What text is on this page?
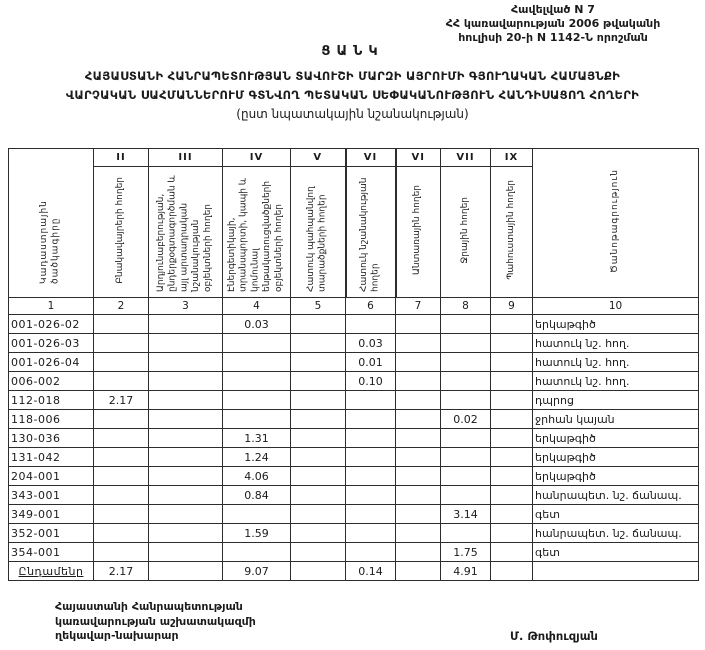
Հավելված N 7
ՀՀ կառավարության 2006 թվականի
հուլիսի 20-ի N 1142-Ն որոշման
ՑԱՆԿ
ՀԱՅԱՍՏԱՆԻ ՀԱՆՐԱՊԵՏՈՒԹՅԱՆ ՏԱՎՈՒՇԻ ՄԱՐԶԻ ԱՅՐՈՒՄԻ ԳՅՈՒՂԱԿԱՆ ՀԱՄԱՅՆՔԻ
ՎԱՐՉԱԿԱՆ ՍԱՀՄԱՆՆԵՐՈՒՄ ԳՏՆՎՈՂ ՊԵՏԱԿԱՆ ՍԵՓԱԿԱՆՈՒԹՅՈՒՆ ՀԱՆԴԻՍԱՑՈՂ ՀՈՂԵՐԻ
(ըստ նպատակային նշանակության)
Կադաստրային ծածկագիրը	II	III	IV	V	VI	VI	VII	IX	Ծանոթագրություն
	Բնակավայրերի հողեր	Արդյունաբերության, ընդերքօգտագործման և այլ արտադրական նշանակության օբյեկտների հողեր	Էներգետիկայի, տրանսպորտի, կապի և կոմունալ ենթակառուցվածքների օբյեկտների հողեր	Հատուկ պահպանվող տարածքների հողեր	Հատուկ նշանակության հողեր	Անտառային հողեր	Ջրային հողեր	Պահուստային հողեր	
1	2	3	4	5	6	7	8	9	10
001-026-02			0.03						երկաթգիծ
001-026-03					0.03				հատուկ նշ. հող.
001-026-04					0.01				հատուկ նշ. հող.
006-002					0.10				հատուկ նշ. հող.
112-018	2.17								դպրոց
118-006							0.02		ջրհան կայան
130-036			1.31						երկաթգիծ
131-042			1.24						երկաթգիծ
204-001			4.06						երկաթգիծ
343-001			0.84						հանրապետ. նշ. ճանապ.
349-001							3.14		գետ
352-001			1.59						հանրապետ. նշ. ճանապ.
354-001							1.75		գետ
Ընդամենը	2.17		9.07		0.14		4.91		
Հայաստանի Հանրապետության
կառավարության աշխատակազմի
ղեկավար-նախարար	Մ. Թոփուզյան
